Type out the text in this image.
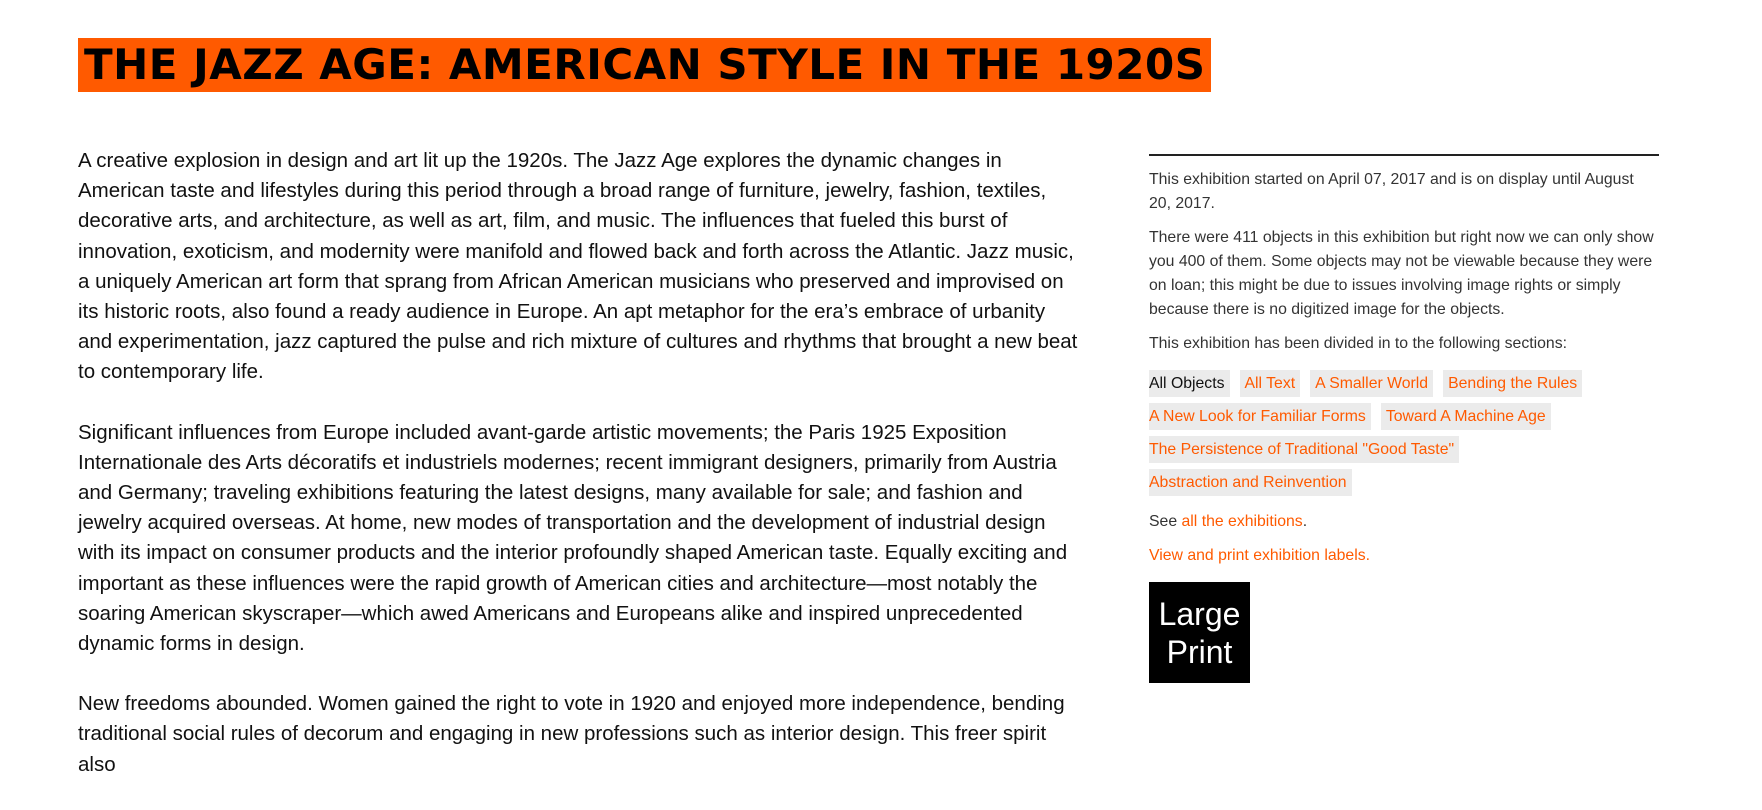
THE JAZZ AGE: AMERICAN STYLE IN THE 1920S

A creative explosion in design and art lit up the 1920s. The Jazz Age explores the dynamic changes in American taste and lifestyles during this period through a broad range of furniture, jewelry, fashion, textiles, decorative arts, and architecture, as well as art, film, and music. The influences that fueled this burst of innovation, exoticism, and modernity were manifold and flowed back and forth across the Atlantic. Jazz music, a uniquely American art form that sprang from African American musicians who preserved and improvised on its historic roots, also found a ready audience in Europe. An apt metaphor for the era’s embrace of urbanity and experimentation, jazz captured the pulse and rich mixture of cultures and rhythms that brought a new beat to contemporary life.

Significant influences from Europe included avant-garde artistic movements; the Paris 1925 Exposition Internationale des Arts décoratifs et industriels modernes; recent immigrant designers, primarily from Austria and Germany; traveling exhibitions featuring the latest designs, many available for sale; and fashion and jewelry acquired overseas. At home, new modes of transportation and the development of industrial design with its impact on consumer products and the interior profoundly shaped American taste. Equally exciting and important as these influences were the rapid growth of American cities and architecture—most notably the soaring American skyscraper—which awed Americans and Europeans alike and inspired unprecedented dynamic forms in design.

New freedoms abounded. Women gained the right to vote in 1920 and enjoyed more independence, bending traditional social rules of decorum and engaging in new professions such as interior design. This freer spirit also

This exhibition started on April 07, 2017 and is on display until August 20, 2017.

There were 411 objects in this exhibition but right now we can only show you 400 of them. Some objects may not be viewable because they were on loan; this might be due to issues involving image rights or simply because there is no digitized image for the objects.

This exhibition has been divided in to the following sections:

All Objects	All Text	A Smaller World	Bending the Rules
A New Look for Familiar Forms	Toward A Machine Age
The Persistence of Traditional "Good Taste"
Abstraction and Reinvention

See all the exhibitions.

View and print exhibition labels.

Large
Print
